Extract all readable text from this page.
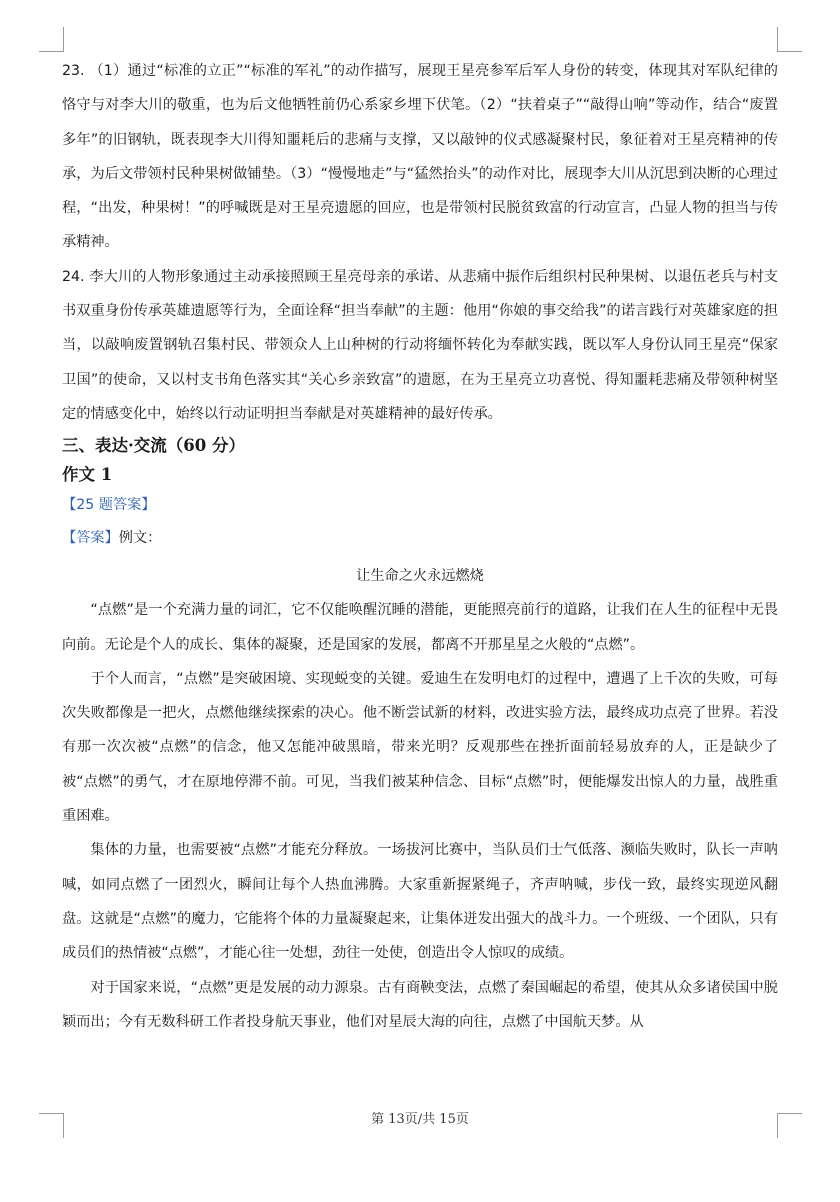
23. （1）通过“标准的立正”“标准的军礼”的动作描写，展现王星亮参军后军人身份的转变，体现其对军队纪律的恪守与对李大川的敬重，也为后文他牺牲前仍心系家乡埋下伏笔。（2）“扶着桌子”“敲得山响”等动作，结合“废置多年”的旧钢轨，既表现李大川得知噩耗后的悲痛与支撑，又以敲钟的仪式感凝聚村民，象征着对王星亮精神的传承，为后文带领村民种果树做铺垫。（3）“慢慢地走”与“猛然抬头”的动作对比，展现李大川从沉思到决断的心理过程，“出发，种果树！”的呼喊既是对王星亮遗愿的回应，也是带领村民脱贫致富的行动宣言，凸显人物的担当与传承精神。

24. 李大川的人物形象通过主动承接照顾王星亮母亲的承诺、从悲痛中振作后组织村民种果树、以退伍老兵与村支书双重身份传承英雄遗愿等行为，全面诠释“担当奉献”的主题：他用“你娘的事交给我”的诺言践行对英雄家庭的担当，以敲响废置钢轨召集村民、带领众人上山种树的行动将缅怀转化为奉献实践，既以军人身份认同王星亮“保家卫国”的使命，又以村支书角色落实其“关心乡亲致富”的遗愿，在为王星亮立功喜悦、得知噩耗悲痛及带领种树坚定的情感变化中，始终以行动证明担当奉献是对英雄精神的最好传承。

三、表达·交流（60 分）

作文 1

【25 题答案】

【答案】例文：

让生命之火永远燃烧

“点燃”是一个充满力量的词汇，它不仅能唤醒沉睡的潜能，更能照亮前行的道路，让我们在人生的征程中无畏向前。无论是个人的成长、集体的凝聚，还是国家的发展，都离不开那星星之火般的“点燃”。

于个人而言，“点燃”是突破困境、实现蜕变的关键。爱迪生在发明电灯的过程中，遭遇了上千次的失败，可每次失败都像是一把火，点燃他继续探索的决心。他不断尝试新的材料，改进实验方法，最终成功点亮了世界。若没有那一次次被“点燃”的信念，他又怎能冲破黑暗，带来光明？反观那些在挫折面前轻易放弃的人，正是缺少了被“点燃”的勇气，才在原地停滞不前。可见，当我们被某种信念、目标“点燃”时，便能爆发出惊人的力量，战胜重重困难。

集体的力量，也需要被“点燃”才能充分释放。一场拔河比赛中，当队员们士气低落、濒临失败时，队长一声呐喊，如同点燃了一团烈火，瞬间让每个人热血沸腾。大家重新握紧绳子，齐声呐喊，步伐一致，最终实现逆风翻盘。这就是“点燃”的魔力，它能将个体的力量凝聚起来，让集体迸发出强大的战斗力。一个班级、一个团队，只有成员们的热情被“点燃”，才能心往一处想，劲往一处使，创造出令人惊叹的成绩。

对于国家来说，“点燃”更是发展的动力源泉。古有商鞅变法，点燃了秦国崛起的希望，使其从众多诸侯国中脱颖而出；今有无数科研工作者投身航天事业，他们对星辰大海的向往，点燃了中国航天梦。从

第 13页/共 15页
